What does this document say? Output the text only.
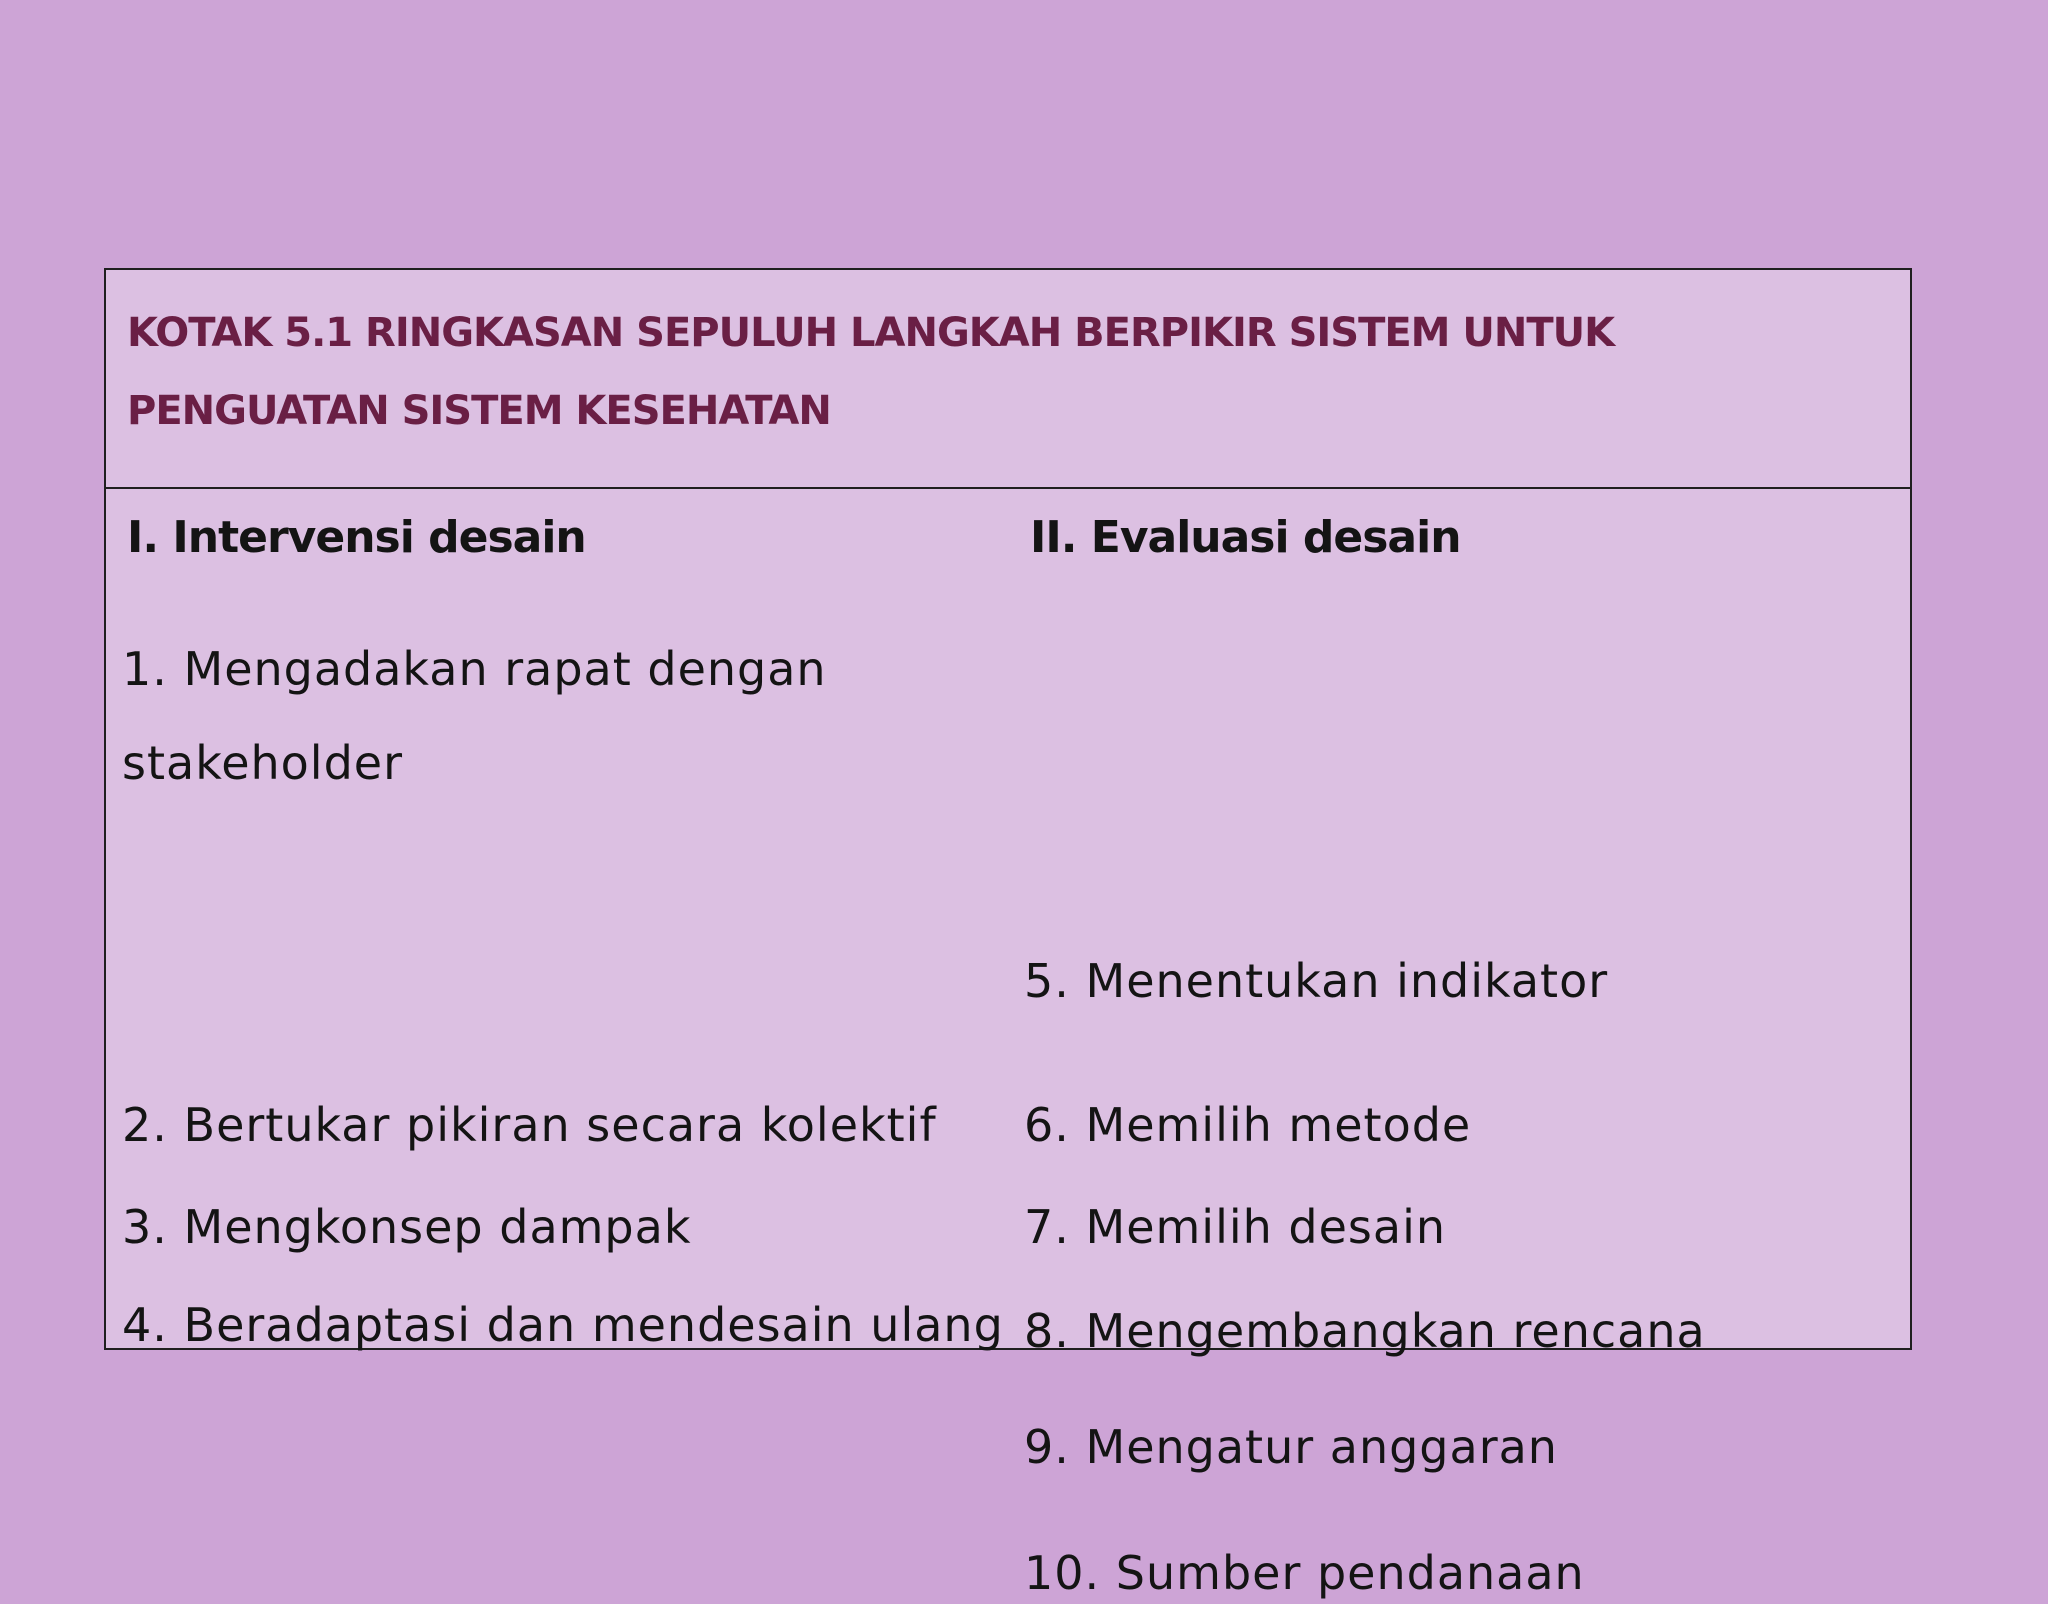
KOTAK 5.1 RINGKASAN SEPULUH LANGKAH BERPIKIR SISTEM UNTUK PENGUATAN SISTEM KESEHATAN
I. Intervensi desain	II. Evaluasi desain

1. Mengadakan rapat dengan stakeholder

2. Bertukar pikiran secara kolektif

3. Mengkonsep dampak

4. Beradaptasi dan mendesain ulang

5. Menentukan indikator

6. Memilih metode

7. Memilih desain

8. Mengembangkan rencana

9. Mengatur anggaran

10. Sumber pendanaan
